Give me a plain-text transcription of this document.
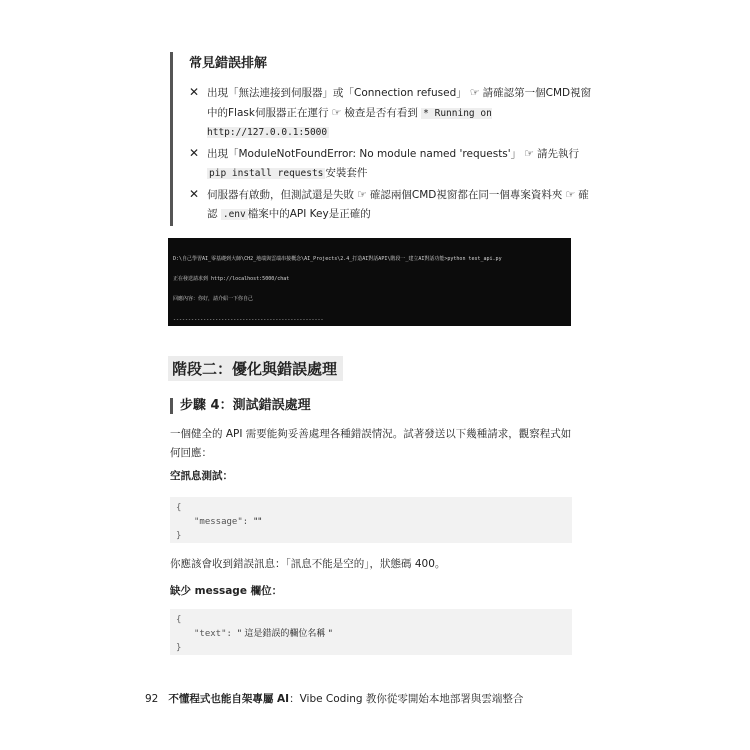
常見錯誤排解
✕ 出現「無法連接到伺服器」或「Connection refused」 ☞ 請確認第一個CMD視窗中的Flask伺服器正在運行 ☞ 檢查是否有看到 * Running on http://127.0.0.1:5000
✕ 出現「ModuleNotFoundError: No module named 'requests'」 ☞ 請先執行 pip install requests 安裝套件
✕ 伺服器有啟動，但測試還是失敗 ☞ 確認兩個CMD視窗都在同一個專案資料夾 ☞ 確認 .env 檔案中的API Key是正確的

D:\自己學習AI_零基礎到大師\CH2_地端與雲端串接概念\AI_Projects\2.4_打造AI對話API\階段一_建立AI對話功能>python test_api.py

正在發送請求到 http://localhost:5000/chat

回應內容：你好，請介紹一下你自己

--------------------------------------------------

階段二：優化與錯誤處理
步驟 4：測試錯誤處理
一個健全的 API 需要能夠妥善處理各種錯誤情況。試著發送以下幾種請求，觀察程式如何回應：
空訊息測試：
{
"message": ""
}
你應該會收到錯誤訊息：「訊息不能是空的」，狀態碼 400。
缺少 message 欄位：
{
"text": " 這是錯誤的欄位名稱 "
}
92 不懂程式也能自架專屬 AI：Vibe Coding 教你從零開始本地部署與雲端整合
